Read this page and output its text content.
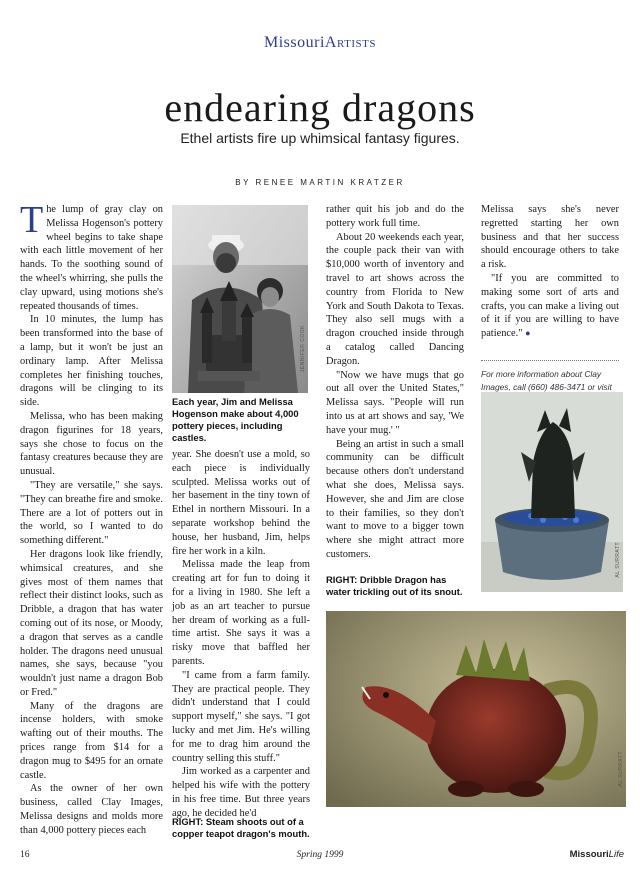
MissouriArtists
endearing dragons
Ethel artists fire up whimsical fantasy figures.
BY RENEE MARTIN KRATZER

The lump of gray clay on Melissa Hogenson's pottery wheel begins to take shape with each little movement of her hands. To the soothing sound of the wheel's whirring, she pulls the clay upward, using motions she's repeated thousands of times.

In 10 minutes, the lump has been transformed into the base of a lamp, but it won't be just an ordinary lamp. After Melissa completes her finishing touches, dragons will be clinging to its side.

Melissa, who has been making dragon figurines for 18 years, says she chose to focus on the fantasy creatures because they are unusual.

"They are versatile," she says. "They can breathe fire and smoke. There are a lot of potters out in the world, so I wanted to do something different."

Her dragons look like friendly, whimsical creatures, and she gives most of them names that reflect their distinct looks, such as Dribble, a dragon that has water coming out of its nose, or Moody, a dragon that serves as a candle holder. The dragons need unusual names, she says, because "you wouldn't just name a dragon Bob or Fred."

Many of the dragons are incense holders, with smoke wafting out of their mouths. The prices range from $14 for a dragon mug to $495 for an ornate castle.

As the owner of her own business, called Clay Images, Melissa designs and molds more than 4,000 pottery pieces each

JENNIFER COOK
Each year, Jim and Melissa Hogenson make about 4,000 pottery pieces, including castles.

year. She doesn't use a mold, so each piece is individually sculpted. Melissa works out of her basement in the tiny town of Ethel in northern Missouri. In a separate workshop behind the house, her husband, Jim, helps fire her work in a kiln.

Melissa made the leap from creating art for fun to doing it for a living in 1980. She left a job as an art teacher to pursue her dream of working as a full-time artist. She says it was a risky move that baffled her parents.

"I came from a farm family. They are practical people. They didn't understand that I could support myself," she says. "I got lucky and met Jim. He's willing for me to drag him around the country selling this stuff."

Jim worked as a carpenter and helped his wife with the pottery in his free time. But three years ago, he decided he'd

rather quit his job and do the pottery work full time.

About 20 weekends each year, the couple pack their van with $10,000 worth of inventory and travel to art shows across the country from Florida to New York and South Dakota to Texas. They also sell mugs with a dragon crouched inside through a catalog called Dancing Dragon.

"Now we have mugs that go out all over the United States," Melissa says. "People will run into us at art shows and say, 'We have your mug.' "

Being an artist in such a small community can be difficult because others don't understand what she does, Melissa says. However, she and Jim are close to their families, so they don't want to move to a bigger town where she might attract more customers.

RIGHT: Dribble Dragon has water trickling out of its snout.

Melissa says she's never regretted starting her own business and that her success should encourage others to take a risk.

"If you are committed to making some sort of arts and crafts, you can make a living out of it if you are willing to have patience." ●

For more information about Clay Images, call (660) 486-3471 or visit
AL SURRATT
AL SURRATT
RIGHT: Steam shoots out of a copper teapot dragon's mouth.
16	Spring 1999	MissouriLife
